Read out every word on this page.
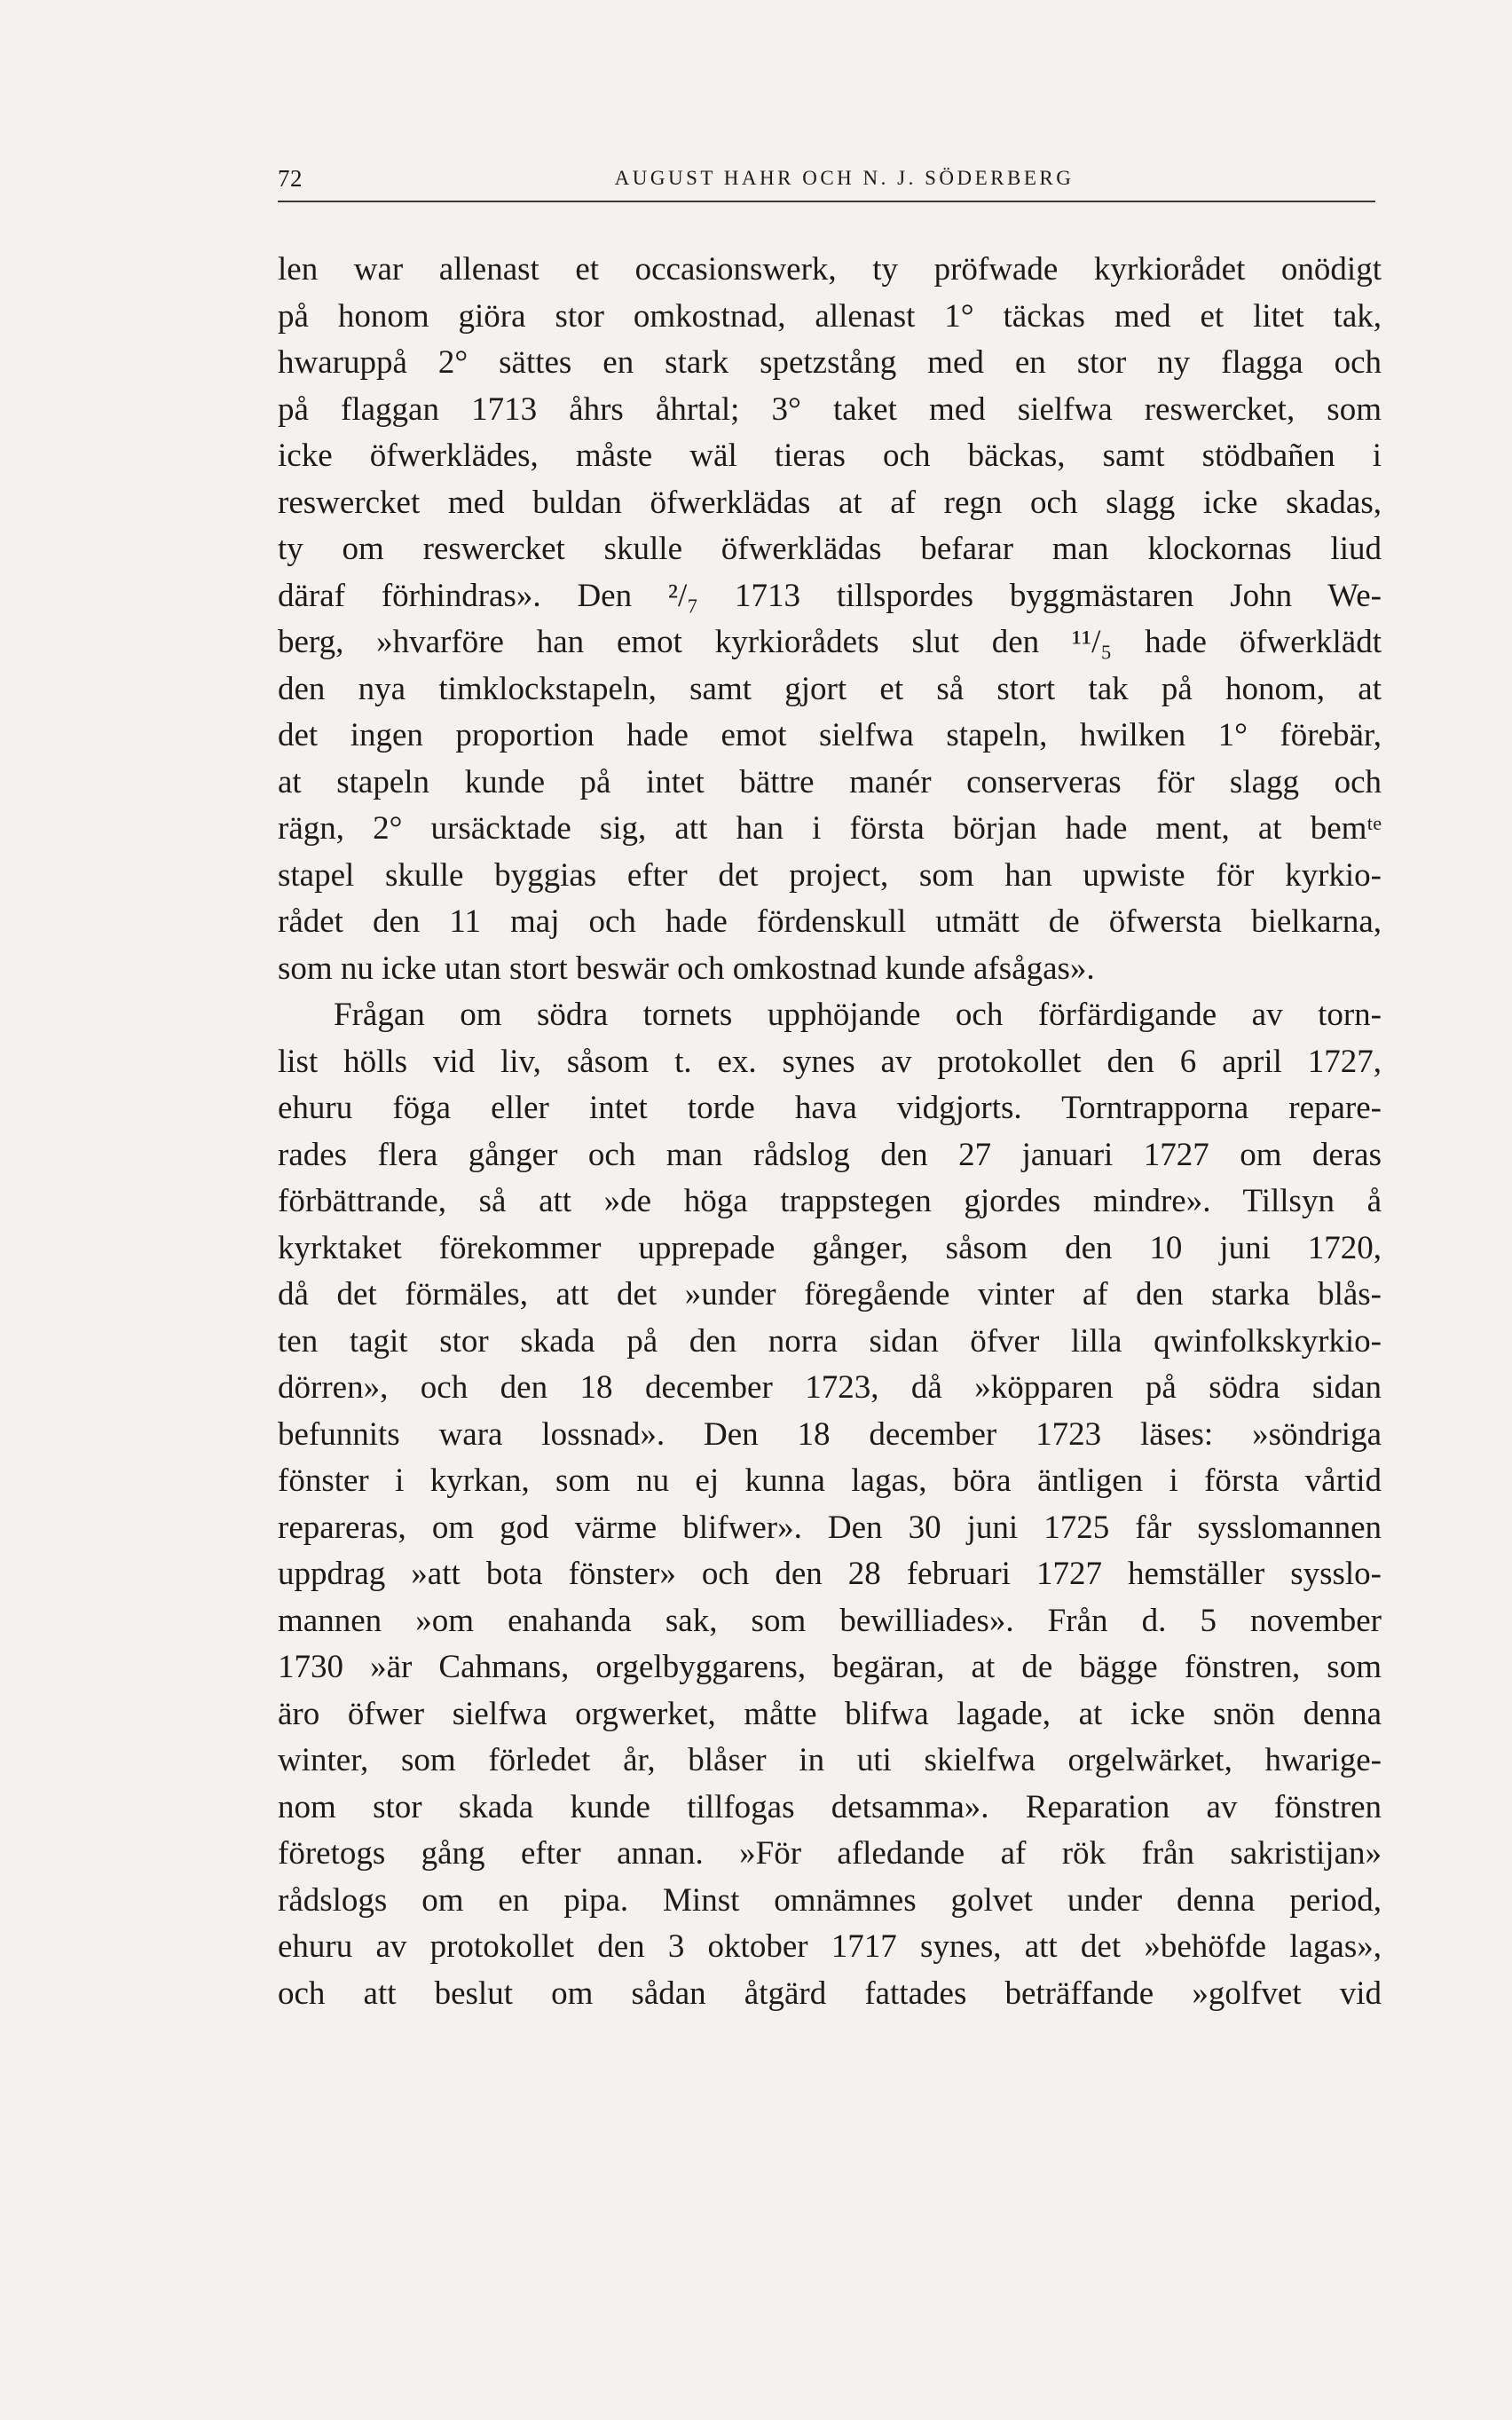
72	AUGUST HAHR OCH N. J. SÖDERBERG
len war allenast et occasionswerk, ty pröfwade kyrkiorådet onödigt
på honom giöra stor omkostnad, allenast 1° täckas med et litet tak,
hwaruppå 2° sättes en stark spetzstång med en stor ny flagga och
på flaggan 1713 åhrs åhrtal; 3° taket med sielfwa reswercket, som
icke öfwerklädes, måste wäl tieras och bäckas, samt stödbañen i
reswercket med buldan öfwerklädas at af regn och slagg icke skadas,
ty om reswercket skulle öfwerklädas befarar man klockornas liud
däraf förhindras». Den ²/₇ 1713 tillspordes byggmästaren John We-
berg, »hvarföre han emot kyrkiorådets slut den ¹¹/₅ hade öfwerklädt
den nya timklockstapeln, samt gjort et så stort tak på honom, at
det ingen proportion hade emot sielfwa stapeln, hwilken 1° förebär,
at stapeln kunde på intet bättre manér conserveras för slagg och
rägn, 2° ursäcktade sig, att han i första början hade ment, at bemᵗᵉ
stapel skulle byggias efter det project, som han upwiste för kyrkio-
rådet den 11 maj och hade fördenskull utmätt de öfwersta bielkarna,
som nu icke utan stort beswär och omkostnad kunde afsågas».
Frågan om södra tornets upphöjande och förfärdigande av torn-
list hölls vid liv, såsom t. ex. synes av protokollet den 6 april 1727,
ehuru föga eller intet torde hava vidgjorts. Torntrapporna repare-
rades flera gånger och man rådslog den 27 januari 1727 om deras
förbättrande, så att »de höga trappstegen gjordes mindre». Tillsyn å
kyrktaket förekommer upprepade gånger, såsom den 10 juni 1720,
då det förmäles, att det »under föregående vinter af den starka blås-
ten tagit stor skada på den norra sidan öfver lilla qwinfolkskyrkio-
dörren», och den 18 december 1723, då »köpparen på södra sidan
befunnits wara lossnad». Den 18 december 1723 läses: »söndriga
fönster i kyrkan, som nu ej kunna lagas, böra äntligen i första vårtid
repareras, om god värme blifwer». Den 30 juni 1725 får sysslomannen
uppdrag »att bota fönster» och den 28 februari 1727 hemställer sysslo-
mannen »om enahanda sak, som bewilliades». Från d. 5 november
1730 »är Cahmans, orgelbyggarens, begäran, at de bägge fönstren, som
äro öfwer sielfwa orgwerket, måtte blifwa lagade, at icke snön denna
winter, som förledet år, blåser in uti skielfwa orgelwärket, hwarige-
nom stor skada kunde tillfogas detsamma». Reparation av fönstren
företogs gång efter annan. »För afledande af rök från sakristijan»
rådslogs om en pipa. Minst omnämnes golvet under denna period,
ehuru av protokollet den 3 oktober 1717 synes, att det »behöfde lagas»,
och att beslut om sådan åtgärd fattades beträffande »golfvet vid
